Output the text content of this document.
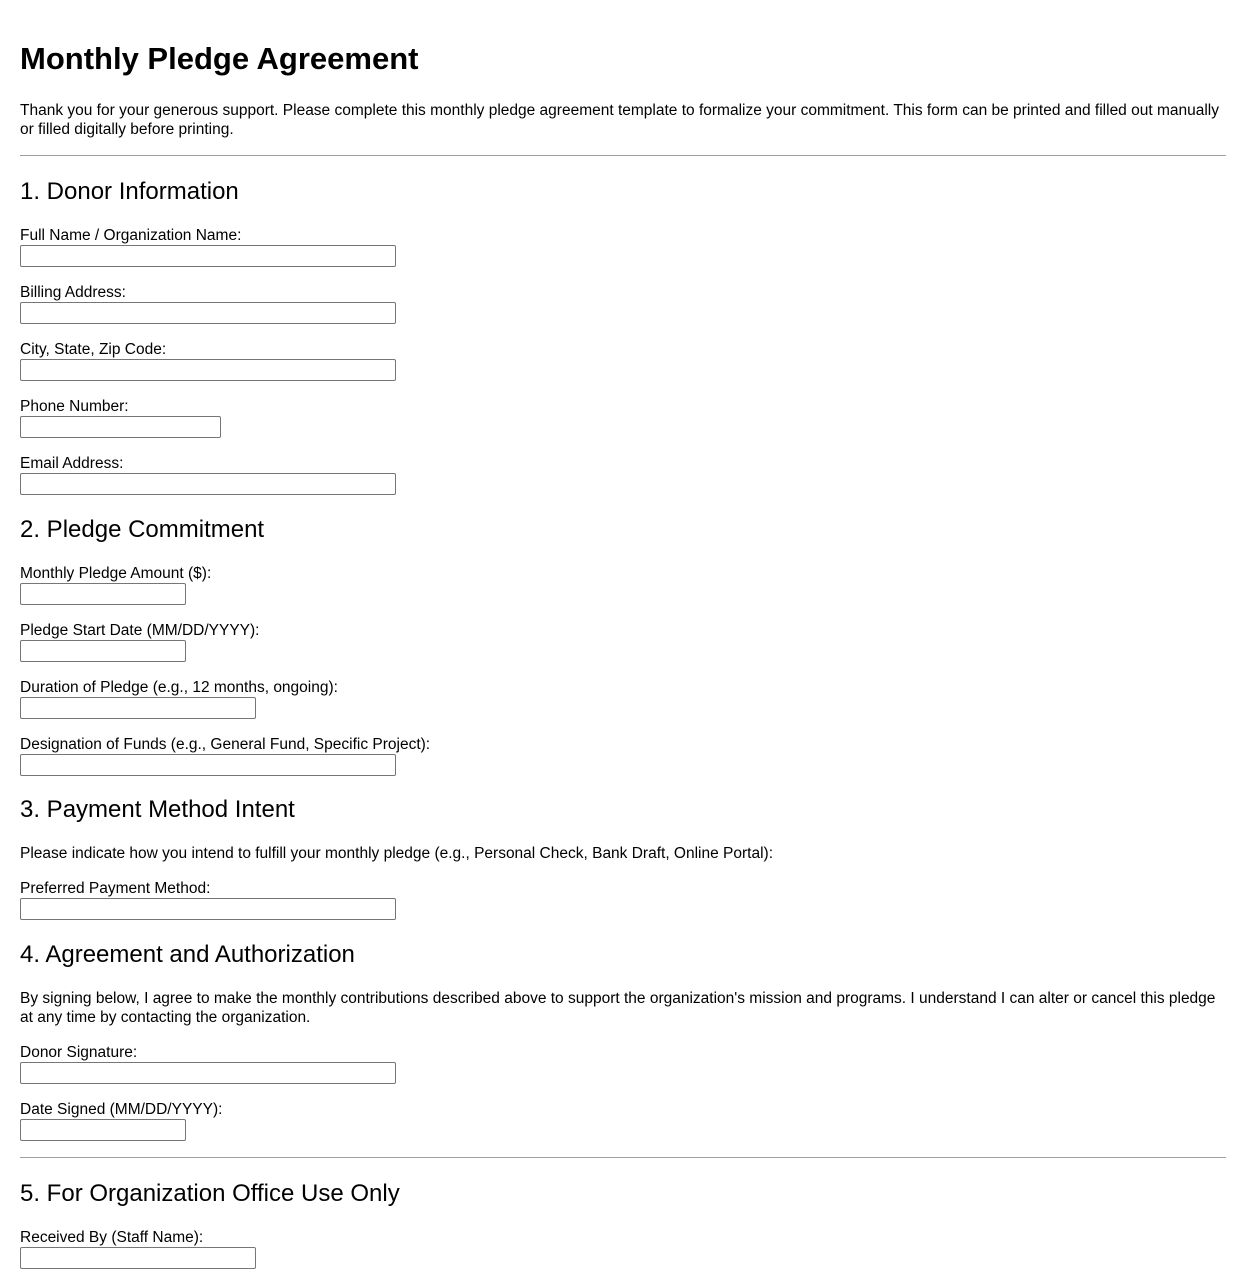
Monthly Pledge Agreement

Thank you for your generous support. Please complete this monthly pledge agreement template to formalize your commitment. This form can be printed and filled out manually or filled digitally before printing.

1. Donor Information
Full Name / Organization Name:
Billing Address:
City, State, Zip Code:
Phone Number:
Email Address:
2. Pledge Commitment
Monthly Pledge Amount ($):
Pledge Start Date (MM/DD/YYYY):
Duration of Pledge (e.g., 12 months, ongoing):
Designation of Funds (e.g., General Fund, Specific Project):
3. Payment Method Intent

Please indicate how you intend to fulfill your monthly pledge (e.g., Personal Check, Bank Draft, Online Portal):

Preferred Payment Method:
4. Agreement and Authorization

By signing below, I agree to make the monthly contributions described above to support the organization's mission and programs. I understand I can alter or cancel this pledge at any time by contacting the organization.

Donor Signature:
Date Signed (MM/DD/YYYY):
5. For Organization Office Use Only
Received By (Staff Name):
